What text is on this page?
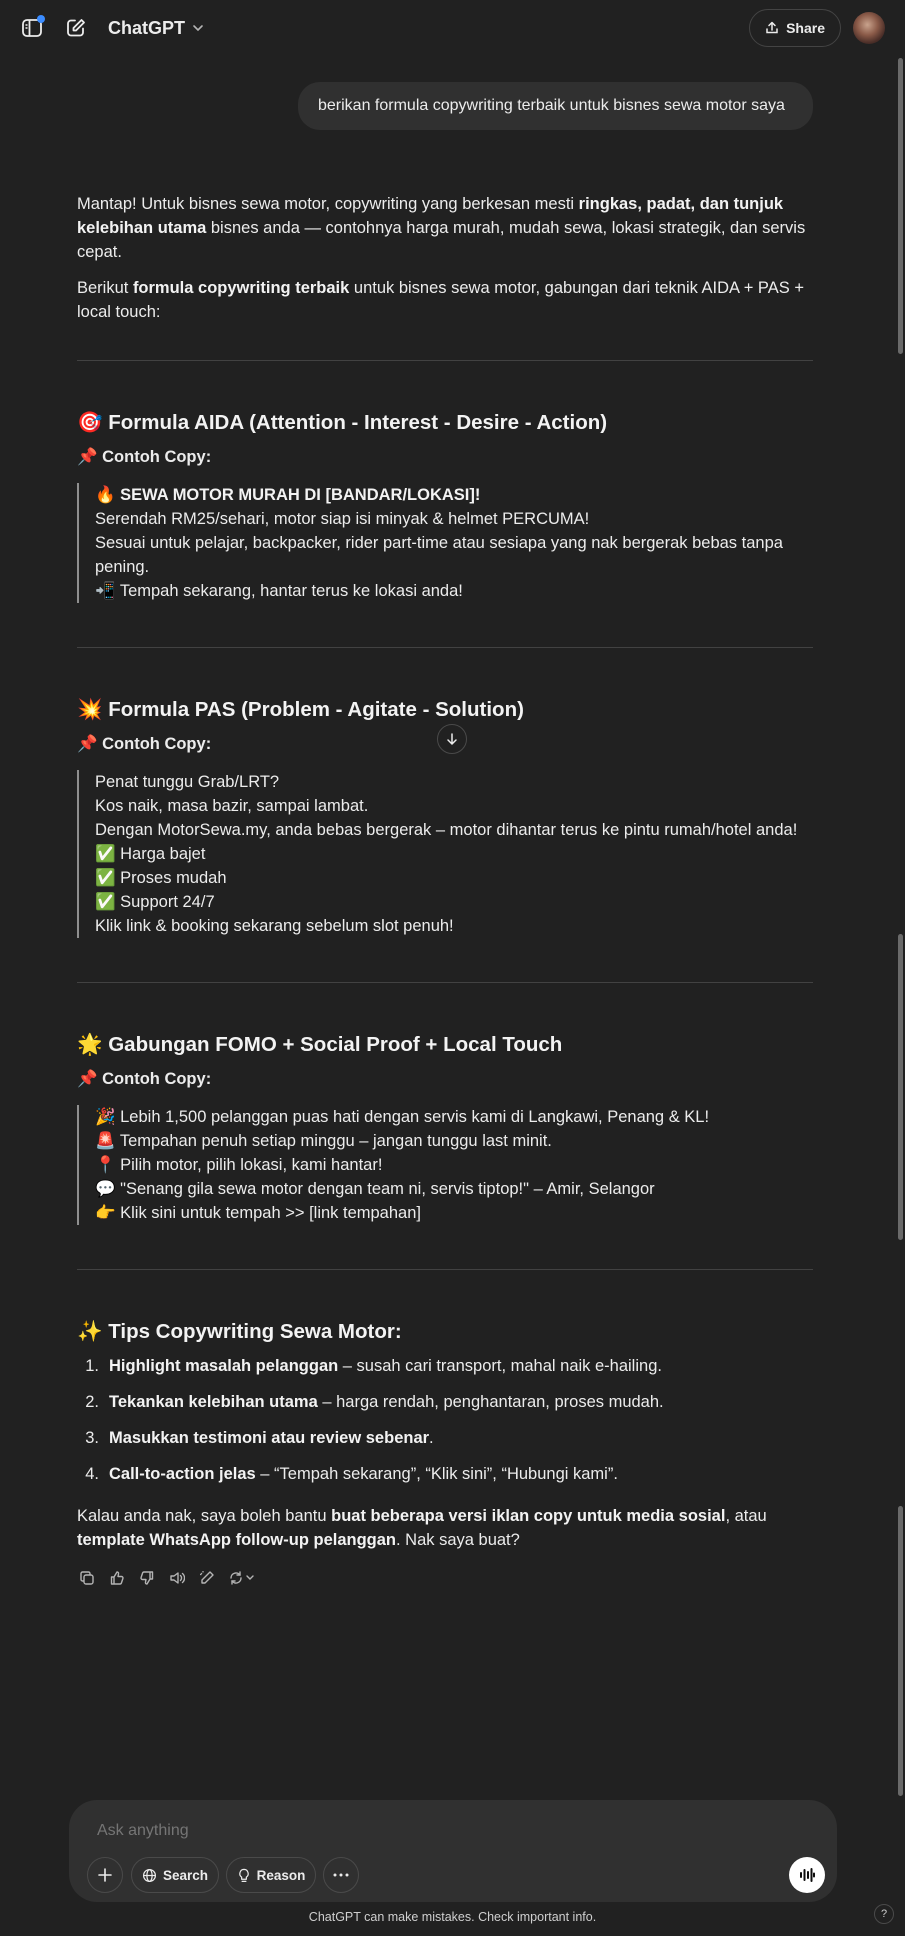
ChatGPT	Share
berikan formula copywriting terbaik untuk bisnes sewa motor saya
Mantap! Untuk bisnes sewa motor, copywriting yang berkesan mesti ringkas, padat, dan tunjuk kelebihan utama bisnes anda — contohnya harga murah, mudah sewa, lokasi strategik, dan servis cepat.
Berikut formula copywriting terbaik untuk bisnes sewa motor, gabungan dari teknik AIDA + PAS + local touch:
🎯 Formula AIDA (Attention - Interest - Desire - Action)
📌 Contoh Copy:
🔥 SEWA MOTOR MURAH DI [BANDAR/LOKASI]!
Serendah RM25/sehari, motor siap isi minyak & helmet PERCUMA!
Sesuai untuk pelajar, backpacker, rider part-time atau sesiapa yang nak bergerak bebas tanpa pening.
📲 Tempah sekarang, hantar terus ke lokasi anda!
💥 Formula PAS (Problem - Agitate - Solution)
📌 Contoh Copy:
Penat tunggu Grab/LRT?
Kos naik, masa bazir, sampai lambat.
Dengan MotorSewa.my, anda bebas bergerak – motor dihantar terus ke pintu rumah/hotel anda!
✅ Harga bajet
✅ Proses mudah
✅ Support 24/7
Klik link & booking sekarang sebelum slot penuh!
🌟 Gabungan FOMO + Social Proof + Local Touch
📌 Contoh Copy:
🎉 Lebih 1,500 pelanggan puas hati dengan servis kami di Langkawi, Penang & KL!
🚨 Tempahan penuh setiap minggu – jangan tunggu last minit.
📍 Pilih motor, pilih lokasi, kami hantar!
💬 "Senang gila sewa motor dengan team ni, servis tiptop!" – Amir, Selangor
👉 Klik sini untuk tempah >> [link tempahan]
✨ Tips Copywriting Sewa Motor:
1. Highlight masalah pelanggan – susah cari transport, mahal naik e-hailing.
2. Tekankan kelebihan utama – harga rendah, penghantaran, proses mudah.
3. Masukkan testimoni atau review sebenar.
4. Call-to-action jelas – “Tempah sekarang”, “Klik sini”, “Hubungi kami”.
Kalau anda nak, saya boleh bantu buat beberapa versi iklan copy untuk media sosial, atau template WhatsApp follow-up pelanggan. Nak saya buat?
Ask anything
Search	Reason
ChatGPT can make mistakes. Check important info.	?
